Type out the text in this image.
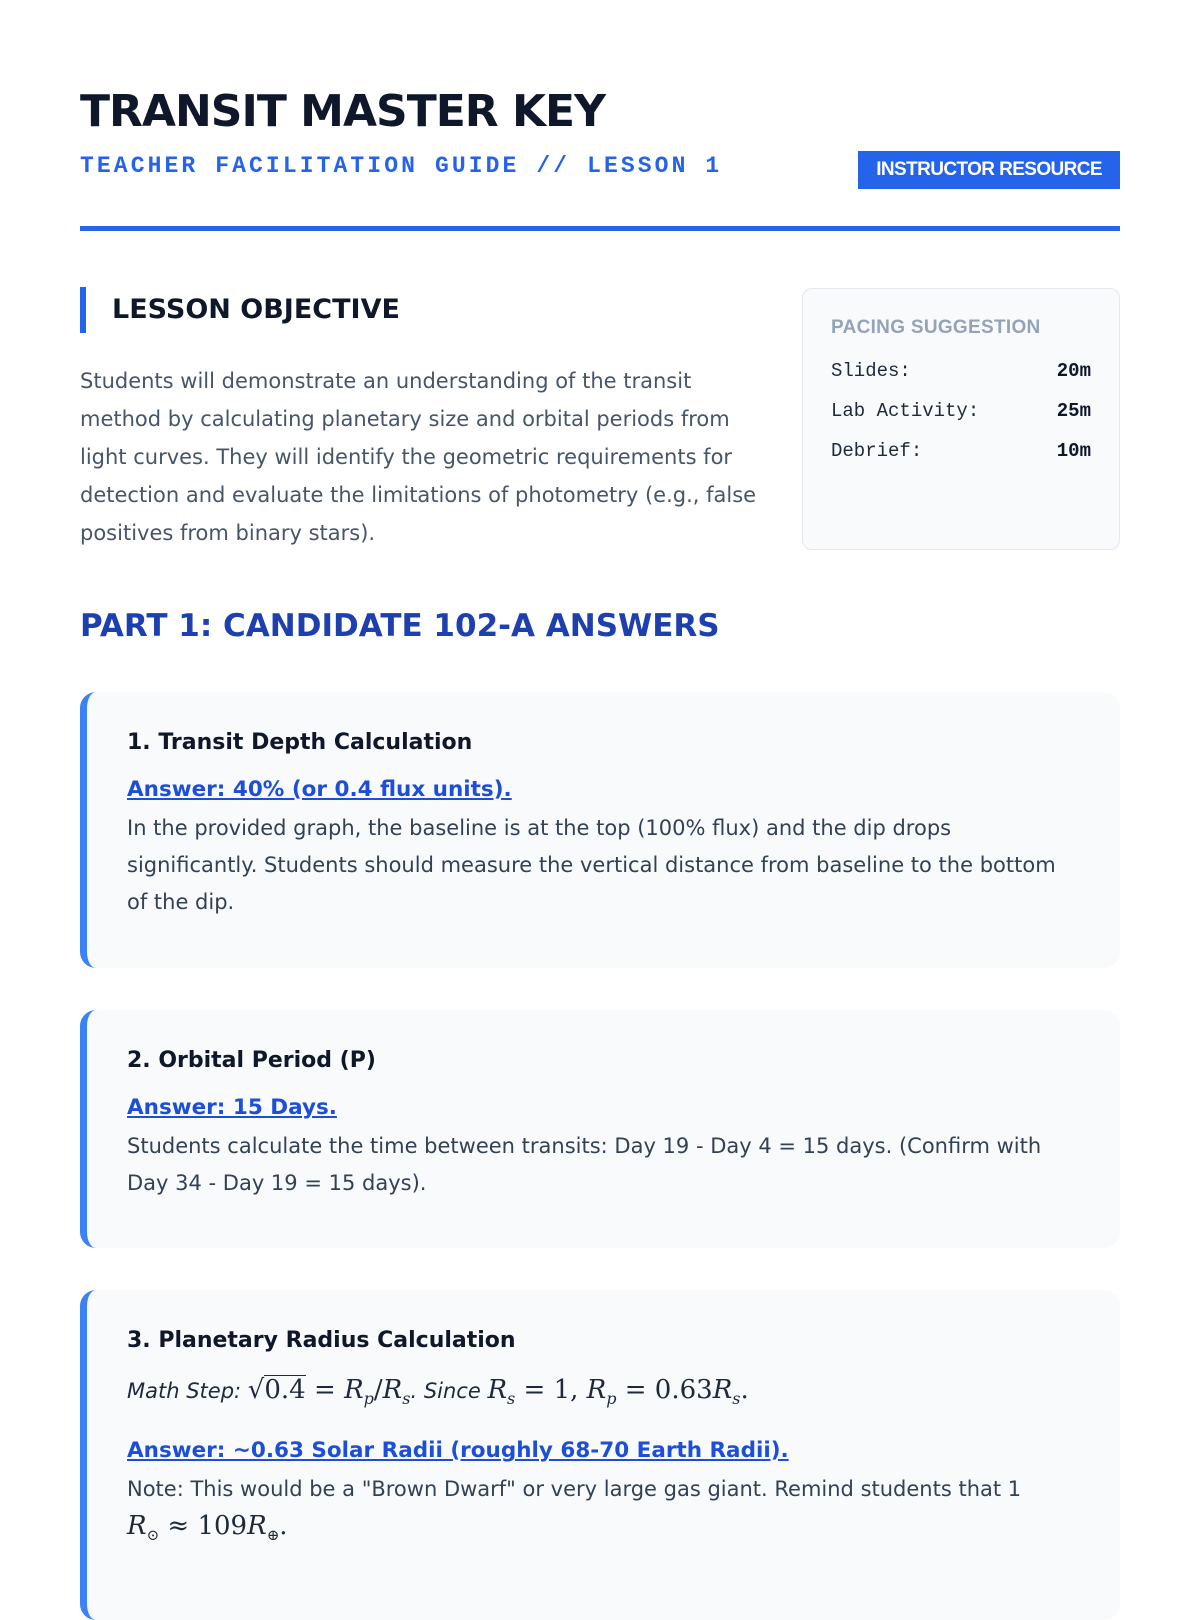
TRANSIT MASTER KEY
TEACHER FACILITATION GUIDE // LESSON 1	INSTRUCTOR RESOURCE
LESSON OBJECTIVE

Students will demonstrate an understanding of the transit method by calculating planetary size and orbital periods from light curves. They will identify the geometric requirements for detection and evaluate the limitations of photometry (e.g., false positives from binary stars).

PACING SUGGESTION
Slides:	20m
Lab Activity:	25m
Debrief:	10m
PART 1: CANDIDATE 102-A ANSWERS
1. Transit Depth Calculation
Answer: 40% (or 0.4 flux units).

In the provided graph, the baseline is at the top (100% flux) and the dip drops significantly. Students should measure the vertical distance from baseline to the bottom of the dip.

2. Orbital Period (P)
Answer: 15 Days.

Students calculate the time between transits: Day 19 - Day 4 = 15 days. (Confirm with Day 34 - Day 19 = 15 days).

3. Planetary Radius Calculation
Math Step: $√0.4 = R_p/R_s$. Since $R_s = 1$, $R_p = 0.63R_s$.
Answer: ~0.63 Solar Radii (roughly 68-70 Earth Radii).

Note: This would be a "Brown Dwarf" or very large gas giant. Remind students that 1
$R_⊙ \approx 109R_\oplus$.
